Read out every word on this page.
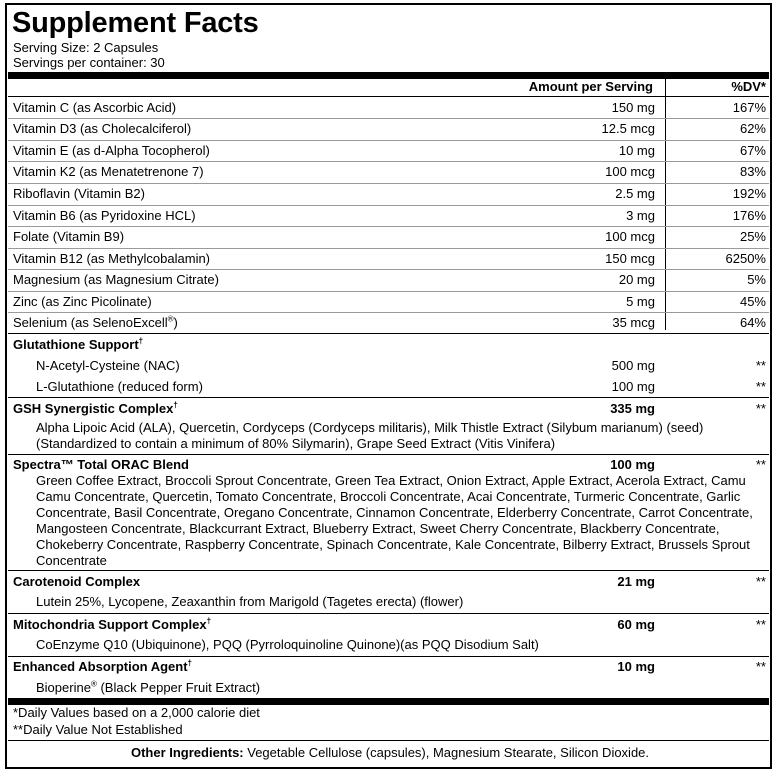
Supplement Facts
Serving Size: 2 Capsules
Servings per container: 30
Amount per Serving	%DV*
Vitamin C (as Ascorbic Acid)	150 mg	167%
Vitamin D3 (as Cholecalciferol)	12.5 mcg	62%
Vitamin E (as d-Alpha Tocopherol)	10 mg	67%
Vitamin K2 (as Menatetrenone 7)	100 mcg	83%
Riboflavin (Vitamin B2)	2.5 mg	192%
Vitamin B6 (as Pyridoxine HCL)	3 mg	176%
Folate (Vitamin B9)	100 mcg	25%
Vitamin B12 (as Methylcobalamin)	150 mcg	6250%
Magnesium (as Magnesium Citrate)	20 mg	5%
Zinc (as Zinc Picolinate)	5 mg	45%
Selenium (as SelenoExcell®)	35 mcg	64%
Glutathione Support†
N-Acetyl-Cysteine (NAC)	500 mg	**
L-Glutathione (reduced form)	100 mg	**
GSH Synergistic Complex†	335 mg	**
Alpha Lipoic Acid (ALA), Quercetin, Cordyceps (Cordyceps militaris), Milk Thistle Extract (Silybum marianum) (seed)(Standardized to contain a minimum of 80% Silymarin), Grape Seed Extract (Vitis Vinifera)
Spectra™ Total ORAC Blend	100 mg	**
Green Coffee Extract, Broccoli Sprout Concentrate, Green Tea Extract, Onion Extract, Apple Extract, Acerola Extract, Camu Camu Concentrate, Quercetin, Tomato Concentrate, Broccoli Concentrate, Acai Concentrate, Turmeric Concentrate, Garlic Concentrate, Basil Concentrate, Oregano Concentrate, Cinnamon Concentrate, Elderberry Concentrate, Carrot Concentrate, Mangosteen Concentrate, Blackcurrant Extract, Blueberry Extract, Sweet Cherry Concentrate, Blackberry Concentrate, Chokeberry Concentrate, Raspberry Concentrate, Spinach Concentrate, Kale Concentrate, Bilberry Extract, Brussels Sprout Concentrate
Carotenoid Complex	21 mg	**
Lutein 25%, Lycopene, Zeaxanthin from Marigold (Tagetes erecta) (flower)
Mitochondria Support Complex†	60 mg	**
CoEnzyme Q10 (Ubiquinone), PQQ (Pyrroloquinoline Quinone)(as PQQ Disodium Salt)
Enhanced Absorption Agent†	10 mg	**
Bioperine® (Black Pepper Fruit Extract)
*Daily Values based on a 2,000 calorie diet
**Daily Value Not Established
Other Ingredients: Vegetable Cellulose (capsules), Magnesium Stearate, Silicon Dioxide.
